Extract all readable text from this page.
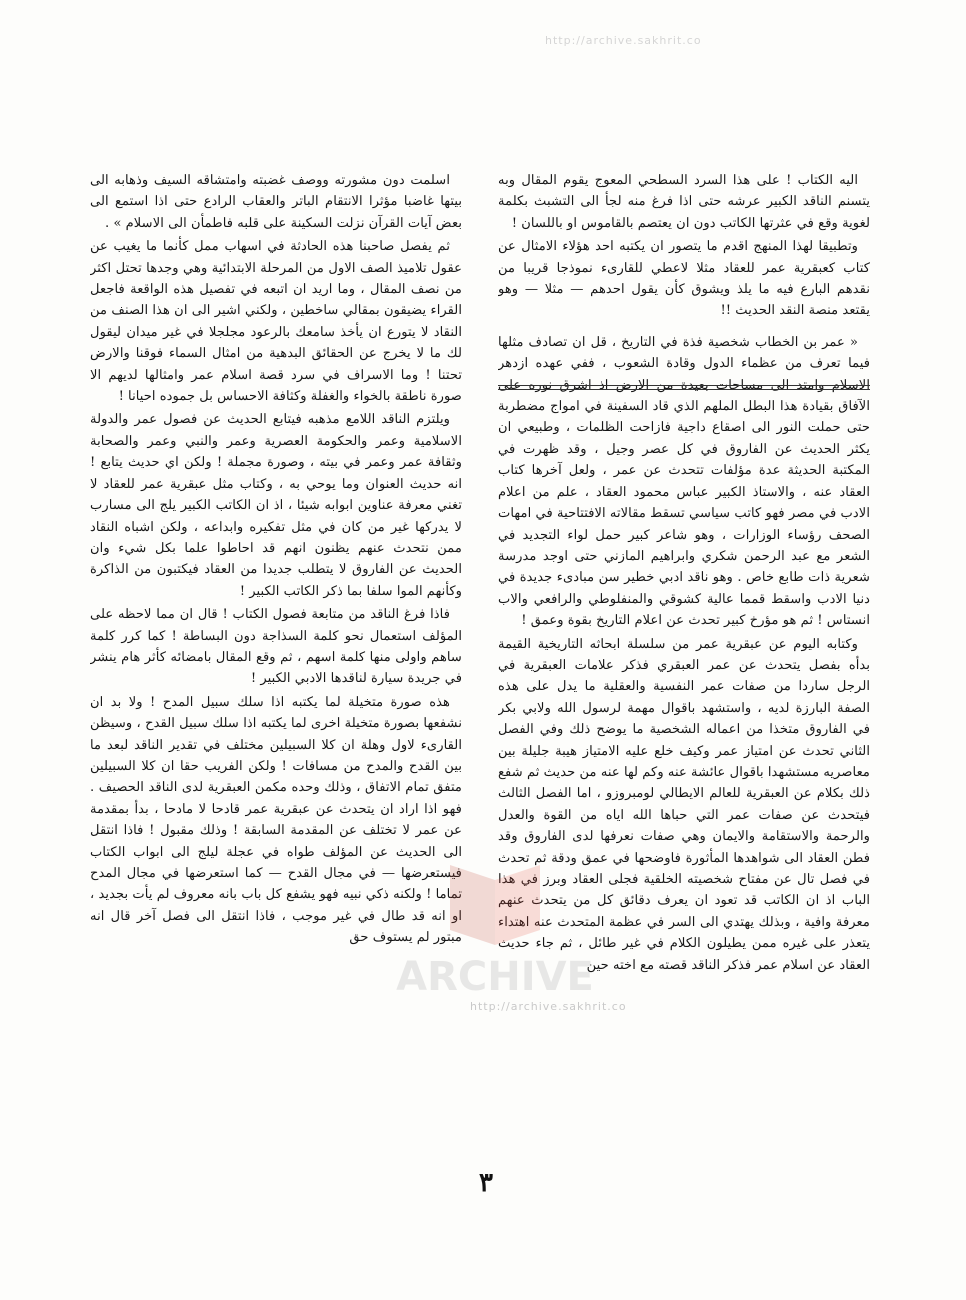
http://archive.sakhrit.co

اليه الكتاب ! على هذا السرد السطحي المعوج يقوم المقال وبه يتسنم الناقد الكبير عرشه حتى اذا فرغ منه لجأ الى التشبث بكلمة لغوية وقع في عثرتها الكاتب دون ان يعتصم بالقاموس او باللسان !

وتطبيقا لهذا المنهج اقدم ما يتصور ان يكتبه احد هؤلاء الامثال عن كتاب كعبقرية عمر للعقاد مثلا لاعطي للقارىء نموذجا قريبا من نقدهم البارع فيه ما يلذ ويشوق كأن يقول احدهم — مثلا — وهو يقتعد منصة النقد الحديث !!

« عمر بن الخطاب شخصية فذة في التاريخ ، قل ان تصادف مثلها فيما تعرف من عظماء الدول وقادة الشعوب ، ففي عهده ازدهر الاسلام وامتد الى مساحات بعيدة من الارض اذ اشرق نوره على الآفاق بقيادة هذا البطل الملهم الذي قاد السفينة في امواج مضطربة حتى حملت النور الى اصقاع داجية فازاحت الظلمات ، وطبيعي ان يكثر الحديث عن الفاروق في كل عصر وجيل ، وقد ظهرت في المكتبة الحديثة عدة مؤلفات تتحدث عن عمر ، ولعل آخرها كتاب العقاد عنه ، والاستاذ الكبير عباس محمود العقاد ، علم من اعلام الادب في مصر فهو كاتب سياسي تسقط مقالاته الافتتاحية في امهات الصحف رؤساء الوزارات ، وهو شاعر كبير حمل لواء التجديد في الشعر مع عبد الرحمن شكري وابراهيم المازني حتى اوجد مدرسة شعرية ذات طابع خاص . وهو ناقد ادبي خطير سن مبادىء جديدة في دنيا الادب واسقط قمما عالية كشوقي والمنفلوطي والرافعي والاب انستاس ! ثم هو مؤرخ كبير تحدث عن اعلام التاريخ بقوة وعمق !

وكتابه اليوم عن عبقرية عمر من سلسلة ابحاثه التاريخية القيمة بدأه بفصل يتحدث عن عمر العبقري فذكر علامات العبقرية في الرجل ساردا من صفات عمر النفسية والعقلية ما يدل على هذه الصفة البارزة لديه ، واستشهد باقوال مهمة لرسول الله ولابي بكر في الفاروق متخذا من اعماله الشخصية ما يوضح ذلك وفي الفصل الثاني تحدث عن امتياز عمر وكيف خلع عليه الامتياز هيبة جليلة بين معاصريه مستشهدا باقوال عائشة عنه وكم لها عنه من حديث ثم شفع ذلك بكلام عن العبقرية للعالم الايطالي لومبروزو ، اما الفصل الثالث فيتحدث عن صفات عمر التي حباها الله اياه من القوة والعدل والرحمة والاستقامة والايمان وهي صفات نعرفها لدى الفاروق وقد فطن العقاد الى شواهدها المأثورة فاوضحها في عمق ودقة ثم تحدث في فصل تال عن مفتاح شخصيته الخلقية فجلى العقاد وبرز في هذا الباب اذ ان الكاتب قد تعود ان يعرف دقائق كل من يتحدث عنهم معرفة وافية ، وبذلك يهتدي الى السر في عظمة المتحدث عنه اهتداء يتعذر على غيره ممن يطيلون الكلام في غير طائل ، ثم جاء حديث العقاد عن اسلام عمر فذكر الناقد قصته مع اخته حين

اسلمت دون مشورته ووصف غضبته وامتشاقه السيف وذهابه الى بيتها غاضبا مؤثرا الانتقام الباتر والعقاب الرادع حتى اذا استمع الى بعض آيات القرآن نزلت السكينة على قلبه فاطمأن الى الاسلام » .

ثم يفصل صاحبنا هذه الحادثة في اسهاب ممل كأنما ما يغيب عن عقول تلاميذ الصف الاول من المرحلة الابتدائية وهي وجدها تحتل اكثر من نصف المقال ، وما اريد ان اتبعه في تفصيل هذه الواقعة فاجعل القراء يضيقون بمقالي ساخطين ، ولكني اشير الى ان هذا الصنف من النقاد لا يتورع ان يأخذ سامعك بالرعود مجلجلا في غير ميدان ليقول لك ما لا يخرج عن الحقائق البدهية من امثال السماء فوقنا والارض تحتنا ! وما الاسراف في سرد قصة اسلام عمر وامثالها لديهم الا صورة ناطقة بالخواء والغفلة وكثافة الاحساس بل جموده احيانا !

ويلتزم الناقد اللامع مذهبه فيتابع الحديث عن فصول عمر والدولة الاسلامية وعمر والحكومة العصرية وعمر والنبي وعمر والصحابة وثقافة عمر وعمر في بيته ، وصورة مجملة ! ولكن اي حديث يتابع ! انه حديث العنوان وما يوحي به ، وكتاب مثل عبقرية عمر للعقاد لا تغني معرفة عناوين ابوابه شيئا ، اذ ان الكاتب الكبير يلج الى مسارب لا يدركها غير من كان في مثل تفكيره وابداعه ، ولكن اشباه النقاد ممن نتحدث عنهم يظنون انهم قد احاطوا علما بكل شيء وان الحديث عن الفاروق لا يتطلب جديدا من العقاد فيكتبون من الذاكرة وكأنهم الموا سلفا بما ذكر الكاتب الكبير !

فاذا فرغ الناقد من متابعة فصول الكتاب ! قال ان مما لاحظه على المؤلف استعمال نحو كلمة السذاجة دون البساطة ! كما كرر كلمة ساهم واولى منها كلمة اسهم ، ثم وقع المقال بامضائه كأثر هام ينشر في جريدة سيارة لناقدها الادبي الكبير !

هذه صورة متخيلة لما يكتبه اذا سلك سبيل المدح ! ولا بد ان نشفعها بصورة متخيلة اخرى لما يكتبه اذا سلك سبيل القدح ، وسيظن القارىء لاول وهلة ان كلا السبيلين مختلف في تقدير الناقد لبعد ما بين القدح والمدح من مسافات ! ولكن الفريب حقا ان كلا السبيلين متفق تمام الاتفاق ، وذلك وحده مكمن العبقرية لدى الناقد الحصيف . فهو اذا اراد ان يتحدث عن عبقرية عمر قادحا لا مادحا ، بدأ بمقدمة عن عمر لا تختلف عن المقدمة السابقة ! وذلك مقبول ! فاذا انتقل الى الحديث عن المؤلف طواه في عجلة ليلج الى ابواب الكتاب فيستعرضها — في مجال القدح — كما استعرضها في مجال المدح تماما ! ولكنه ذكي نبيه فهو يشفع كل باب بانه معروف لم يأت بجديد ، او انه قد طال في غير موجب ، فاذا انتقل الى فصل آخر قال انه مبتور لم يستوف حق

ARCHIVE
http://archive.sakhrit.co
٣
